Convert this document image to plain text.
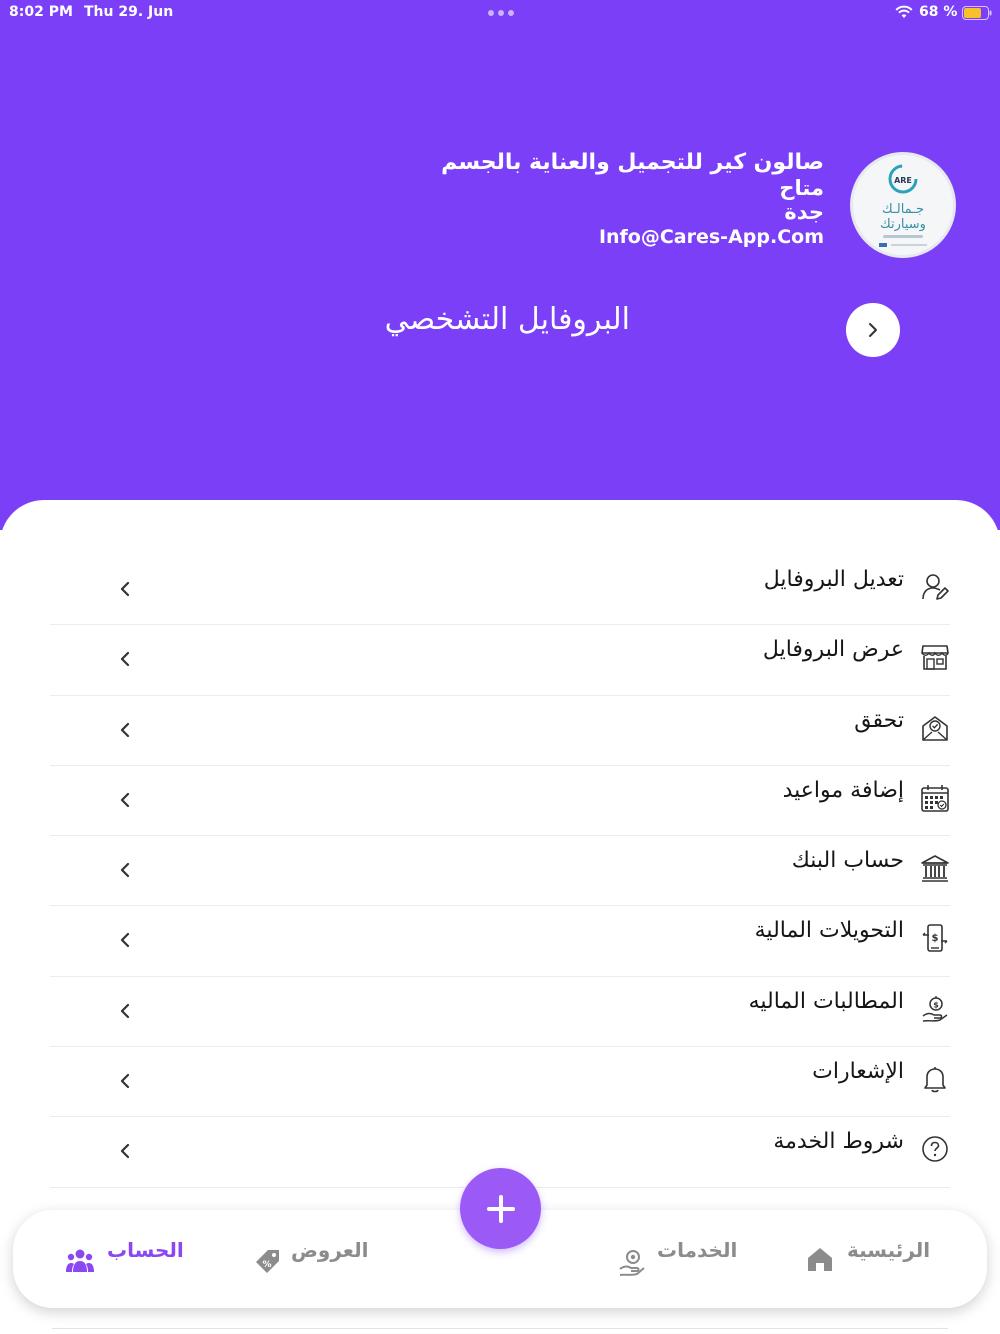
8:02 PM Thu 29. Jun	68 %
صالون كير للتجميل والعناية بالجسم
متاح
جدة
Info@Cares-App.Com
ARE
جـمالـك
وسيارتك
البروفايل التشخصي
تعديل البروفايل
عرض البروفايل
تحقق
إضافة مواعيد
حساب البنك
$
التحويلات المالية
$
المطالبات الماليه
الإشعارات
شروط الخدمة
الرئيسية
الخدمات
العروض
%
الحساب
